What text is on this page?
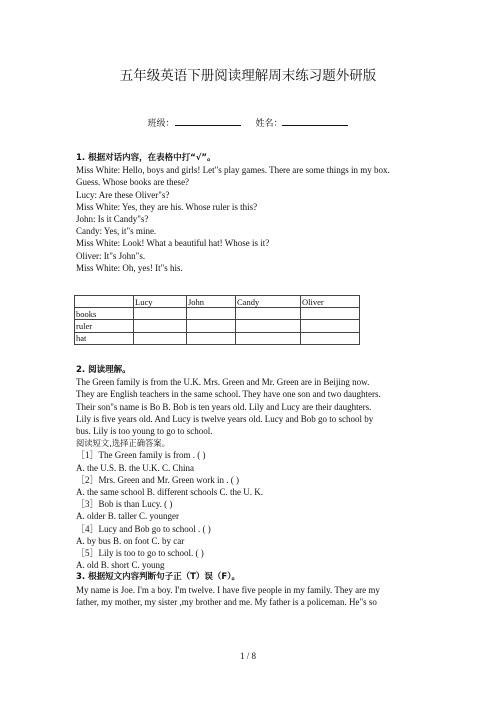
五年级英语下册阅读理解周末练习题外研版
班级：	姓名：
1. 根据对话内容，在表格中打“√”。
Miss White: Hello, boys and girls! Let"s play games. There are some things in my box.
Guess. Whose books are these?
Lucy: Are these Oliver"s?
Miss White: Yes, they are his. Whose ruler is this?
John: Is it Candy"s?
Candy: Yes, it"s mine.
Miss White: Look! What a beautiful hat! Whose is it?
Oliver: It"s John"s.
Miss White: Oh, yes! It"s his.
	Lucy	John	Candy	Oliver
books				
ruler				
hat				
2. 阅读理解。
The Green family is from the U.K. Mrs. Green and Mr. Green are in Beijing now.
They are English teachers in the same school. They have one son and two daughters.
Their son"s name is Bo B. Bob is ten years old. Lily and Lucy are their daughters.
Lily is five years old. And Lucy is twelve years old. Lucy and Bob go to school by
bus. Lily is too young to go to school.
阅读短文,选择正确答案。
［1］The Green family is from . ( )
A. the U.S. B. the U.K. C. China
［2］Mrs. Green and Mr. Green work in . ( )
A. the same school B. different schools C. the U. K.
［3］Bob is than Lucy. ( )
A. older B. taller C. younger
［4］Lucy and Bob go to school . ( )
A. by bus B. on foot C. by car
［5］Lily is too to go to school. ( )
A. old B. short C. young
3. 根据短文内容判断句子正（T）误（F）。
My name is Joe. I'm a boy. I'm twelve. I have five people in my family. They are my
father, my mother, my sister ,my brother and me. My father is a policeman. He"s so
1 / 8
